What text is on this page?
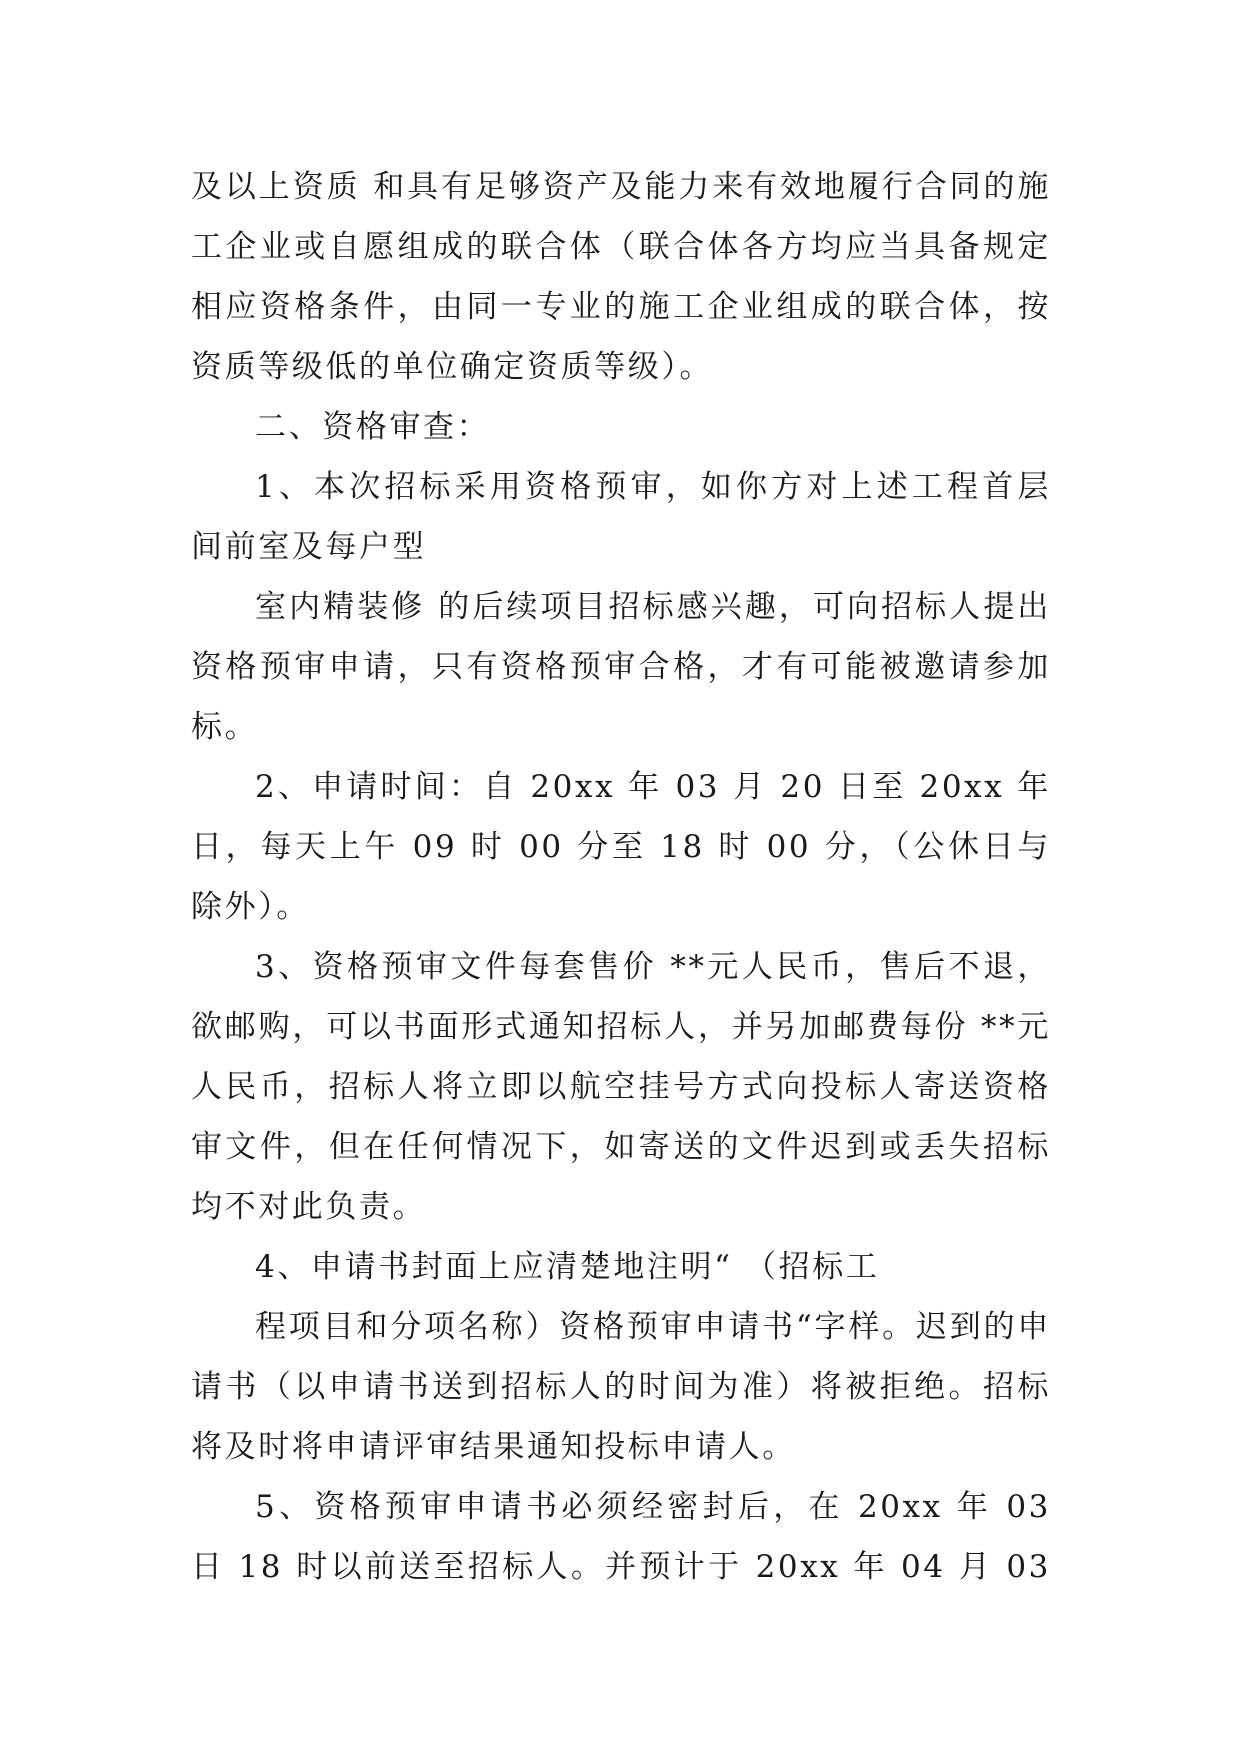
及以上资质 和具有足够资产及能力来有效地履行合同的施
工企业或自愿组成的联合体（联合体各方均应当具备规定
相应资格条件，由同一专业的施工企业组成的联合体，按
资质等级低的单位确定资质等级）。
二、资格审查：
1、本次招标采用资格预审，如你方对上述工程首层
间前室及每户型
室内精装修 的后续项目招标感兴趣，可向招标人提出
资格预审申请，只有资格预审合格，才有可能被邀请参加
标。
2、申请时间：自 20xx 年 03 月 20 日至 20xx 年
日，每天上午 09 时 00 分至 18 时 00 分，（公休日与
除外）。
3、资格预审文件每套售价 **元人民币，售后不退，
欲邮购，可以书面形式通知招标人，并另加邮费每份 **元
人民币，招标人将立即以航空挂号方式向投标人寄送资格
审文件，但在任何情况下，如寄送的文件迟到或丢失招标
均不对此负责。
4、申请书封面上应清楚地注明“ （招标工
程项目和分项名称）资格预审申请书“字样。迟到的申
请书（以申请书送到招标人的时间为准）将被拒绝。招标
将及时将申请评审结果通知投标申请人。
5、资格预审申请书必须经密封后，在 20xx 年 03
日 18 时以前送至招标人。并预计于 20xx 年 04 月 03
